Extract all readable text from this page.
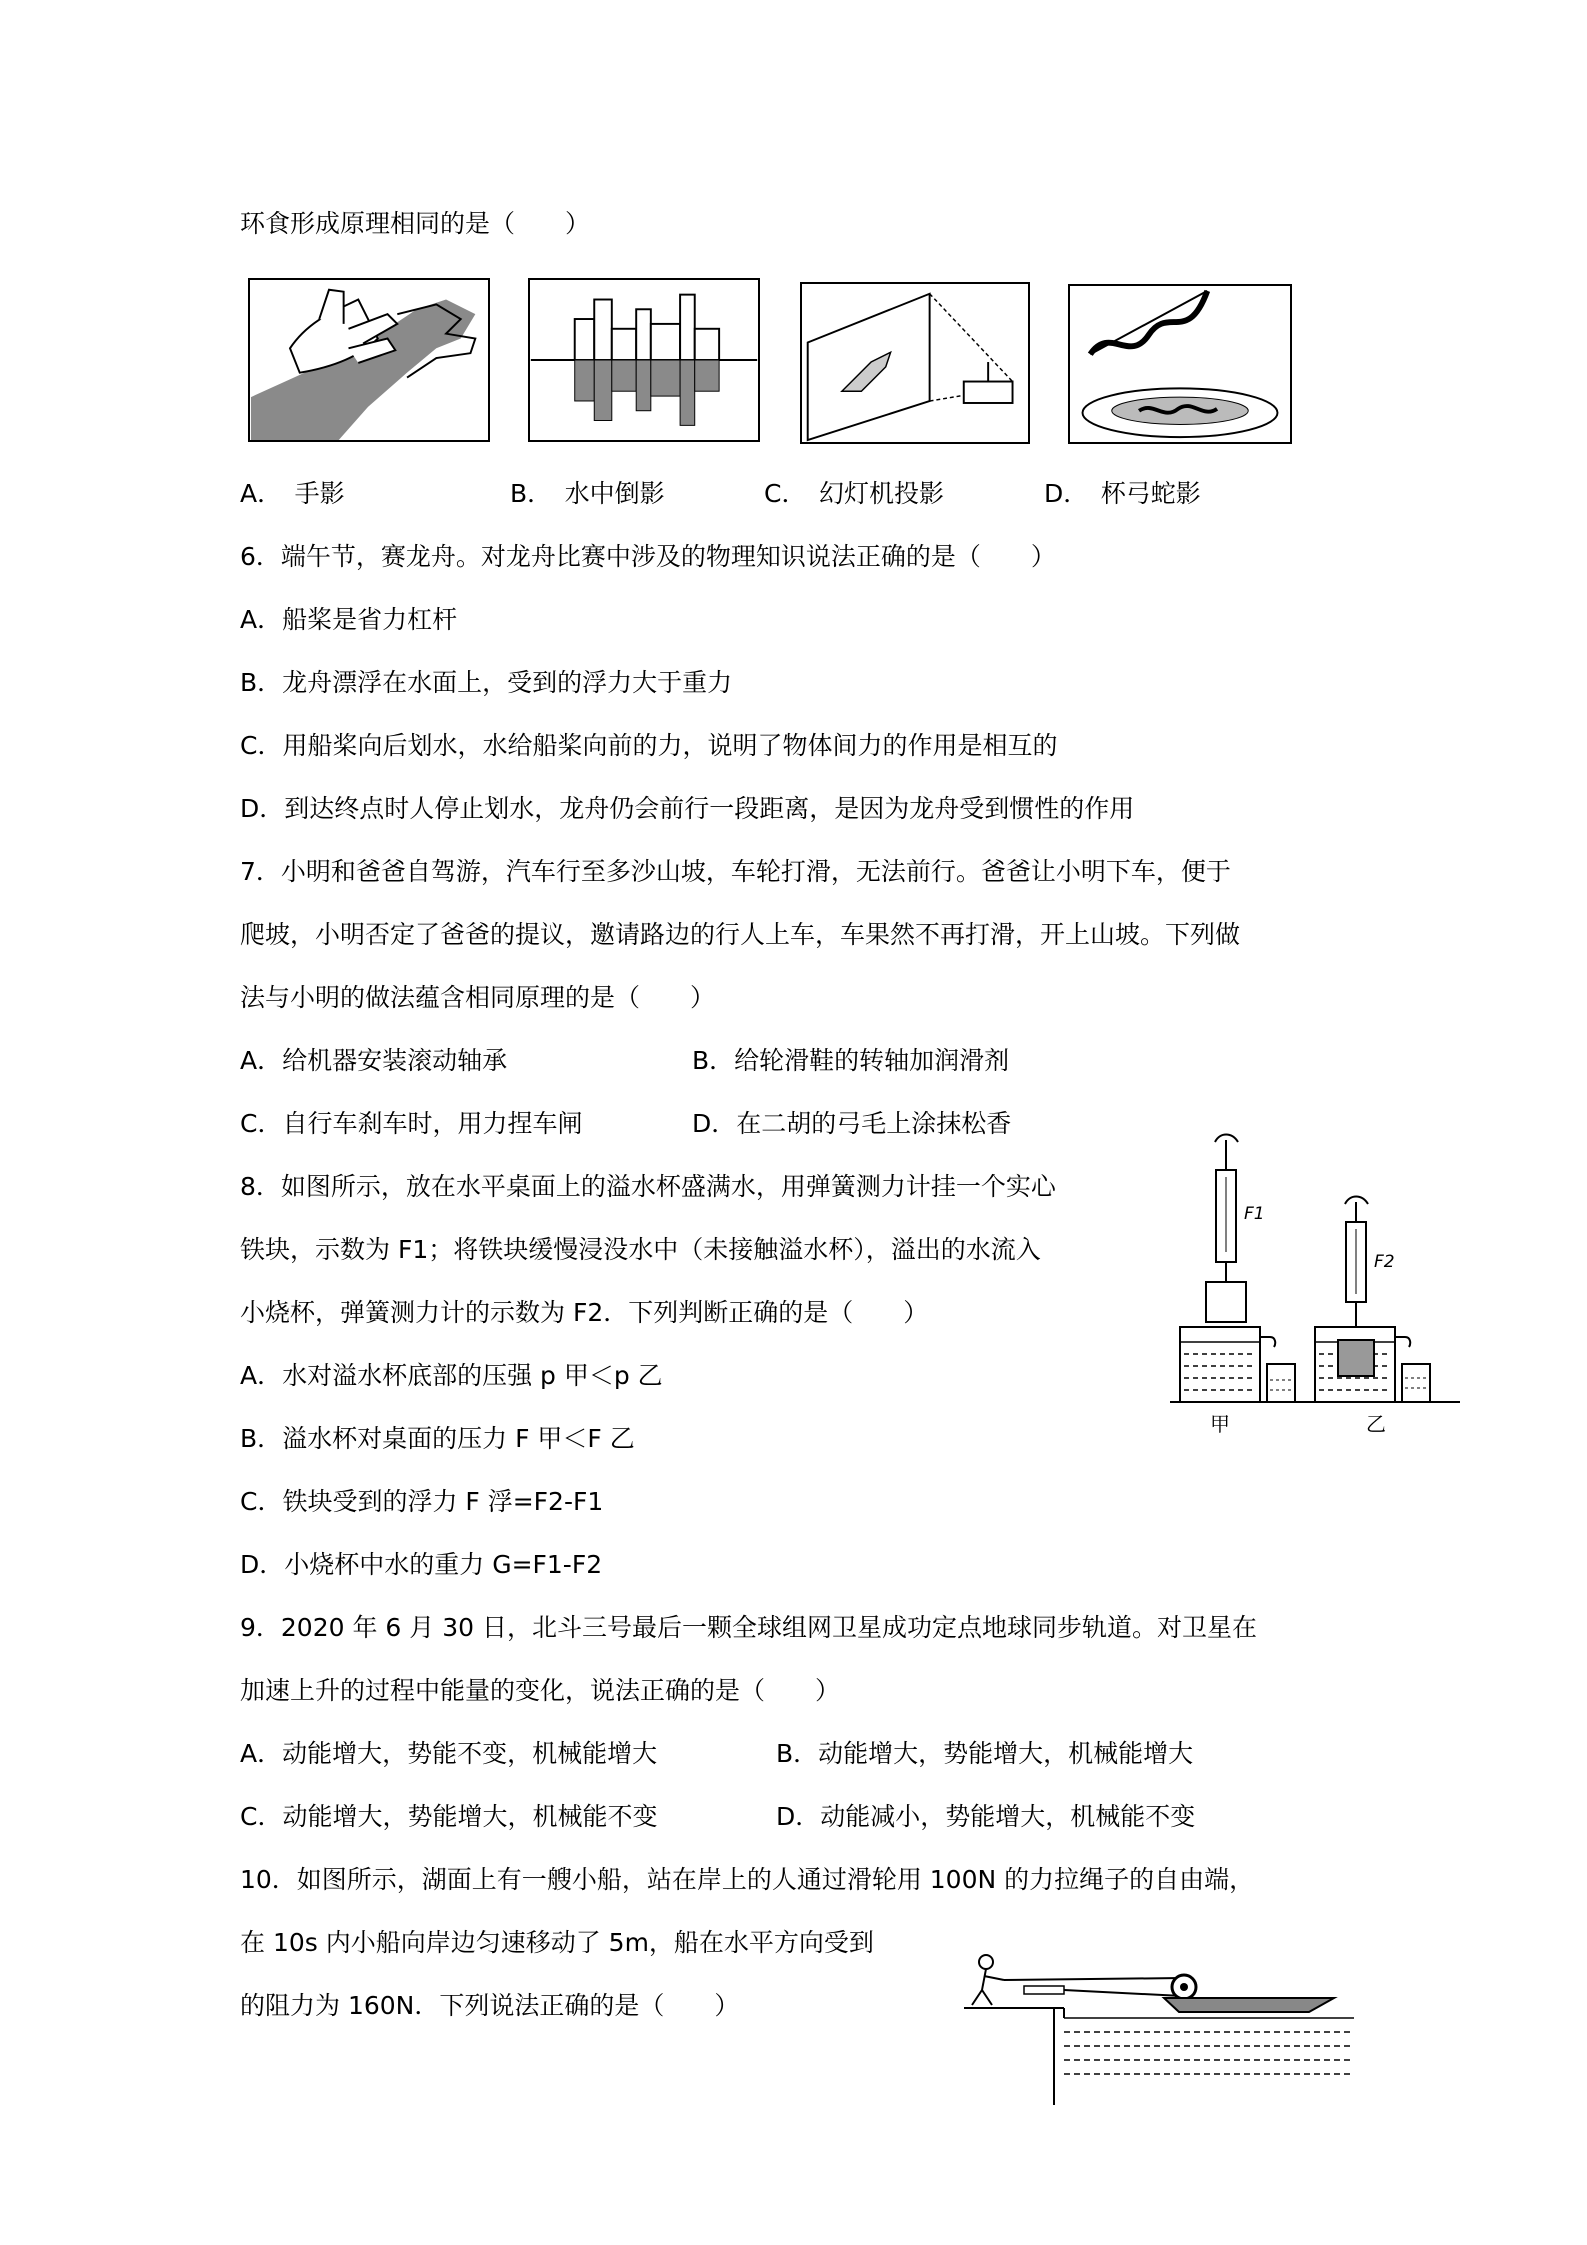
环食形成原理相同的是（　　）
A．　手影	B．　水中倒影	C．　幻灯机投影	D．　杯弓蛇影
6．端午节，赛龙舟。对龙舟比赛中涉及的物理知识说法正确的是（　　）
A．船桨是省力杠杆
B．龙舟漂浮在水面上，受到的浮力大于重力
C．用船桨向后划水，水给船桨向前的力，说明了物体间力的作用是相互的
D．到达终点时人停止划水，龙舟仍会前行一段距离，是因为龙舟受到惯性的作用
7．小明和爸爸自驾游，汽车行至多沙山坡，车轮打滑，无法前行。爸爸让小明下车，便于
爬坡，小明否定了爸爸的提议，邀请路边的行人上车，车果然不再打滑，开上山坡。下列做
法与小明的做法蕴含相同原理的是（　　）
A．给机器安装滚动轴承	B．给轮滑鞋的转轴加润滑剂
C．自行车刹车时，用力捏车闸	D．在二胡的弓毛上涂抹松香
8．如图所示，放在水平桌面上的溢水杯盛满水，用弹簧测力计挂一个实心
铁块，示数为 F1；将铁块缓慢浸没水中（未接触溢水杯），溢出的水流入
小烧杯，弹簧测力计的示数为 F2．下列判断正确的是（　　）
A．水对溢水杯底部的压强 p 甲＜p 乙
B．溢水杯对桌面的压力 F 甲＜F 乙
C．铁块受到的浮力 F 浮=F2-F1
D．小烧杯中水的重力 G=F1-F2
F1
F2
甲	乙
9．2020 年 6 月 30 日，北斗三号最后一颗全球组网卫星成功定点地球同步轨道。对卫星在
加速上升的过程中能量的变化，说法正确的是（　　）
A．动能增大，势能不变，机械能增大	B．动能增大，势能增大，机械能增大
C．动能增大，势能增大，机械能不变	D．动能减小，势能增大，机械能不变
10．如图所示，湖面上有一艘小船，站在岸上的人通过滑轮用 100N 的力拉绳子的自由端，
在 10s 内小船向岸边匀速移动了 5m，船在水平方向受到
的阻力为 160N．下列说法正确的是（　　）
